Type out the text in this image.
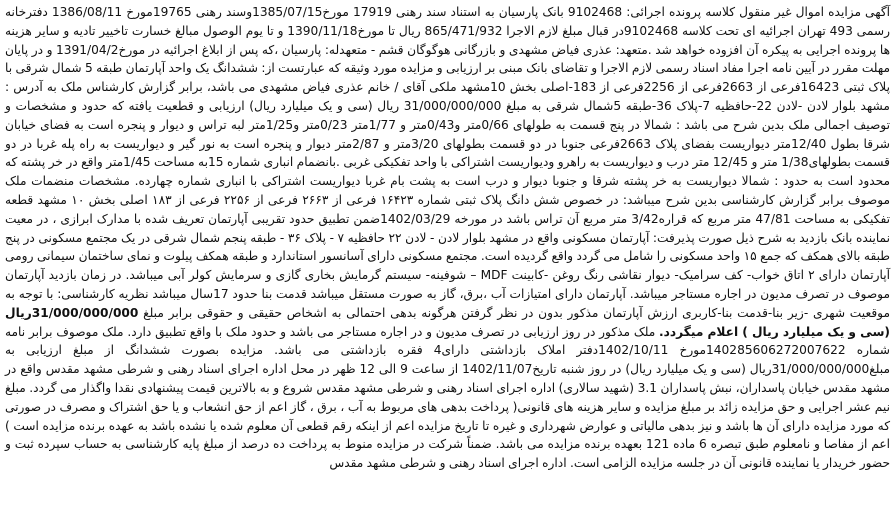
آگهی مزایده اموال غیر منقول کلاسه پرونده اجرائی: 9102468 بانک پارسیان به استناد سند رهنی 17919 مورخ1385/07/15وسند رهنی 19765مورخ 1386/08/11 دفترخانه رسمی 493 تهران اجرائیه ای تحت کلاسه 9102468در قبال مبلغ لازم الاجرا 865/471/932 ریال تا مورخ1390/11/18 و تا یوم الوصول مبالغ خسارت تاخییر تادیه و سایر هزینه ها پرونده اجرایی به پیکره آن افزوده خواهد شد .متعهد: عذری فیاض مشهدی و بازرگانی هوگوگان قشم - متعهدله: پارسیان ،که پس از ابلاغ اجرائیه در مورخ1391/04/2 و در پایان مهلت مقرر در آیین نامه اجرا مفاد اسناد رسمی لازم الاجرا و تقاضای بانک مبنی بر ارزیابی و مزایده مورد وثیقه که عبارتست از: ششدانگ یک واحد آپارتمان طبقه 5 شمال شرقی با پلاک ثبتی 16423فرعی از 2663فرعی از 2256فرعی از 183-اصلی بخش 10مشهد ملکی آقای / خانم عذری فیاض مشهدی می باشد، برابر گزارش کارشناس ملک به آدرس : مشهد بلوار لادن -لادن 22-حافظیه 7-پلاک 36-طبقه 5شمال شرقی به مبلغ 31/000/000/000 ریال (سی و یک میلیارد ریال) ارزیابی و قطعیت یافته که حدود و مشخصات و توصیف اجمالی ملک بدین شرح می باشد : شمالا در پنج قسمت به طولهای 0/66متر و0/43متر و 1/77متر 0/23متر و1/25متر لبه تراس و دیوار و پنجره است به فضای خیابان شرقا بطول 12/40متر دیواریست بفضای پلاک 2663فرعی جنوبا در دو قسمت بطولهای 3/20متر و 2/87متر دیوار و پنجره است به نور گیر و دیواریست به راه پله غربا در دو قسمت بطولهای1/38 متر و 12/45 متر درب و دیواریست به راهرو ودیواریست اشتراکی با واحد تفکیکی غربی .بانضمام انباری شماره 15به مساحت 1/45متر واقع در خر پشته که محدود است به حدود : شمالا دیواریست به خر پشته شرقا و جنوبا دیوار و درب است به پشت بام غربا دیواریست اشتراکی با انباری شماره چهارده. مشخصات منضمات ملک موصوف برابر گزارش کارشناسی بدین شرح میباشد: در خصوص شش دانگ پلاک ثبتی شماره ۱۶۴۲۳ فرعی از ۲۶۶۳ فرعی از ۲۲۵۶ فرعی از ۱۸۳ اصلی بخش ۱۰ مشهد قطعه تفکیکی به مساحت 47/81 متر مربع که قراره3/42 متر مربع آن تراس باشد در مورخه 1402/03/29ضمن تطبیق حدود تقریبی آپارتمان تعریف شده با مدارک ابرازی ، در معیت نماینده بانک بازدید به شرح ذیل صورت پذیرفت: آپارتمان مسکونی واقع در مشهد بلوار لادن - لادن ۲۲ حافظیه ۷ - پلاک ۳۶ - طبقه پنجم شمال شرقی در یک مجتمع مسکونی در پنج طبقه بالای همکف که جمع ۱۵ واحد مسکونی را شامل می گردد واقع گردیده است. مجتمع مسکونی دارای آسانسور استاندارد و طبقه همکف پیلوت و نمای ساختمان سیمانی رومی آپارتمان دارای ۲ اتاق خواب- کف سرامیک- دیوار نقاشی رنگ روغن -کابینت MDF – شوفینه- سیستم گرمایش بخاری گازی و سرمایش کولر آبی میباشد. در زمان بازدید آپارتمان موصوف در تصرف مدیون در اجاره مستاجر میباشد. آپارتمان دارای امتیازات آب ،برق، گاز به صورت مستقل میباشد قدمت بنا حدود 17سال میباشد نظریه کارشناسی: با توجه به موقعیت شهری -زیر بنا-قدمت بنا-کاربری ارزش آپارتمان مذکور بدون در نظر گرفتن هرگونه بدهی احتمالی به اشخاص حقیقی و حقوقی برابر مبلغ 31/000/000/000ریال (سی و یک میلیارد ریال ) اعلام میگردد. ملک مذکور در روز ارزیابی در تصرف مدیون و در اجاره مستاجر می باشد و حدود ملک با واقع تطبیق دارد. ملک موصوف برابر نامه شماره 140285606272007622مورخ 1402/10/11دفتر املاک بازداشتی دارای4 فقره بازداشتی می باشد. مزایده بصورت ششدانگ از مبلغ ارزیابی به مبلغ31/000/000/000ریال (سی و یک میلیارد ریال) در روز شنبه تاریخ1402/11/07 از ساعت 9 الی 12 ظهر در محل اداره اجرای اسناد رهنی و شرطی مشهد مقدس واقع در مشهد مقدس خیابان پاسداران، نبش پاسداران 3.1 (شهید سالاری) اداره اجرای اسناد رهنی و شرطی مشهد مقدس شروع و به بالاترین قیمت پیشنهادی نقدا واگذار می گردد. مبلغ نیم عشر اجرایی و حق مزایده زائد بر مبلغ مزایده و سایر هزینه های قانونی( پرداخت بدهی های مربوط به آب ، برق ، گاز اعم از حق انشعاب و یا حق اشتراک و مصرف در صورتی که مورد مزایده دارای آن ها باشد و نیز بدهی مالیاتی و عوارض شهرداری و غیره تا تاریخ مزایده اعم از اینکه رقم قطعی آن معلوم شده یا نشده باشد به عهده برنده مزایده است ) اعم از مفاصا و نامعلوم طبق تبصره 6 ماده 121 بعهده برنده مزایده می باشد. ضمناً شرکت در مزایده منوط به پرداخت ده درصد از مبلغ پایه کارشناسی به حساب سپرده ثبت و حضور خریدار یا نماینده قانونی آن در جلسه مزایده الزامی است. اداره اجرای اسناد رهنی و شرطی مشهد مقدس
